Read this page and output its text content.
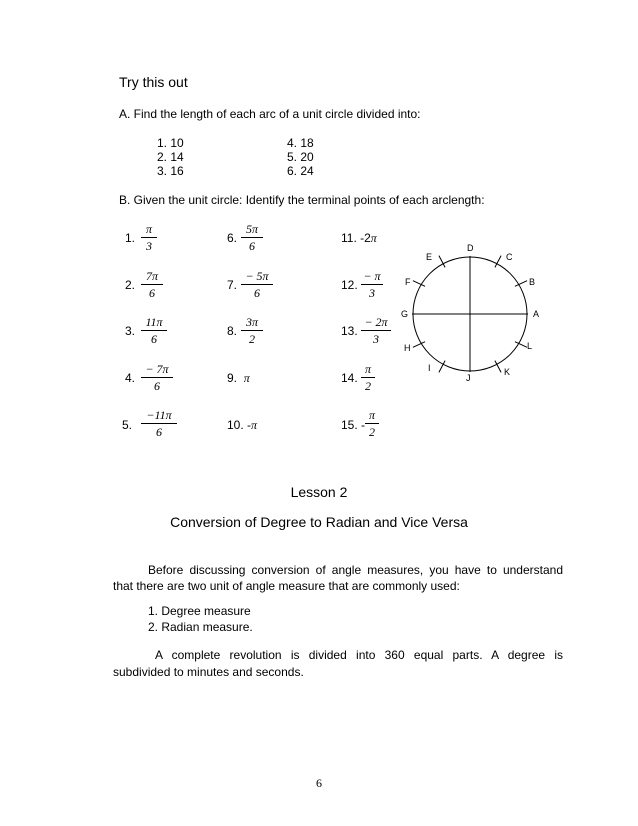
Try this out
A. Find the length of each arc of a unit circle divided into:
1. 10
2. 14
3. 16
4. 18
5. 20
6. 24
B. Given the unit circle: Identify the terminal points of each arclength:
1.
π
3
2.
7π
6
3.
11π
6
4.
− 7π
6
5.
−11π
6
6.
5π
6
7.
− 5π
6
8.
3π
2
9. π
10. -π
11. -2π
12.
− π
3
13.
− 2π
3
14.
π
2
15. -
π
2
A
B
C
D
E
F
G
H
I
J
K
L
Lesson 2
Conversion of Degree to Radian and Vice Versa
Before discussing conversion of angle measures, you have to understand
that there are two unit of angle measure that are commonly used:
1. Degree measure
2. Radian measure.
A complete revolution is divided into 360 equal parts. A degree is
subdivided to minutes and seconds.
6
